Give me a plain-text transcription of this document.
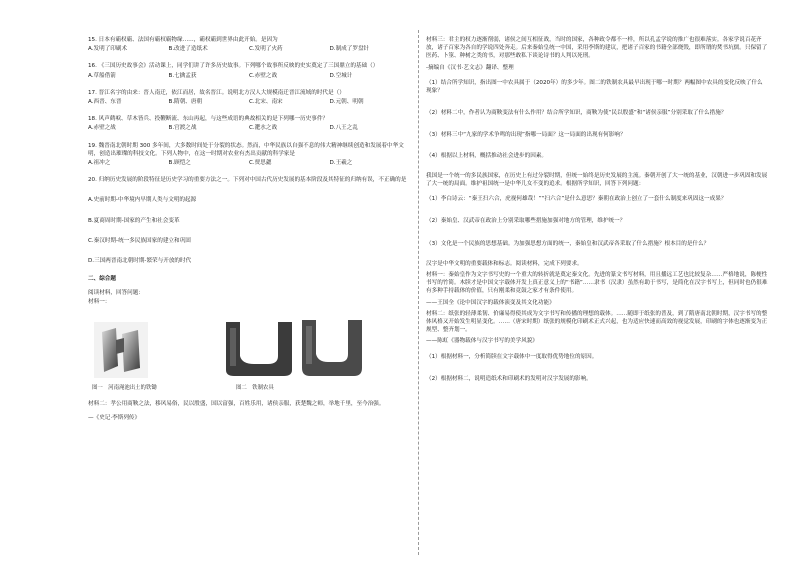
15. 日本有霸权霸、法国有霸权霸物缘……，霸权霸到世界由此开始。是因为

A.发明了印刷术	B.改进了造纸术	C.发明了火药	D.制成了罗盘针

16. 《三国历史故事会》活动课上，同学们讲了许多历史故事。下列哪个故事所反映的史实奠定了三国鼎立的基础（）

A.草船借箭	B.七擒孟获	C.赤壁之战	D.空城计

17. 晋江名字的由来：晋人南迁，依江而居，故名晋江。说明北方汉人大规模南迁晋江流域的时代是（）

A.西晋、东晋	B.隋朝、唐朝	C.北宋、南宋	D.元朝、明朝

18. 风声鹤唳、草木皆兵、投鞭断流、东山再起，与这些成语的典故相关的是下列哪一历史事件？

A.赤壁之战	B.官渡之战	C.淝水之战	D.八王之乱

19. 魏晋南北朝时期 300 多年间，大多数时间处于分裂的状态。然而，中华民族以自强不息的伟大精神继续创造和发展着中华文明，创造出璀璨的科技文化。下列人物中，在这一时期对农业有杰出贡献的科学家是

A.祖冲之	B.顾恺之	C.贾思勰	D.王羲之

20. 归纳历史发展的阶段特征是历史学习的重要方法之一。下列对中国古代历史发展的基本阶段及其特征的归纳有误，不正确的是

A.史前时期-中华境内早期人类与文明的起源

B.夏商周时期-国家的产生和社会变革

C.秦汉时期-统一多民族国家的建立和巩固

D.三国两晋南北朝时期-繁荣与开放的时代

二、综合题

阅读材料，回答问题：

材料一：

图一　河南渑池出土的铁锄	图二　铁制农具

材料二：孝公用商鞅之法，移风易俗，民以殷盛，国以富强，百姓乐用，诸侯亲服，获楚魏之师，举地千里，至今治强。

—《史记·李斯列传》

材料三：君主的权力逐渐削弱，诸侯之间互相征战，当时的国家，各种政令都不一样，所以孔孟学说的推广也很难落实。各家学说百花齐放，诸子百家为各自的学说四处奔走。后来秦始皇统一中国，采用李斯的建议，把诸子百家的书籍全部烧毁，即所谓的焚书坑儒。只保留了医药、卜筮、种树之类的书，对那些敢私下谈论诗书的人判以死刑。

-摘编自《汉书·艺文志》翻译、整理

（1）结合所学知识，指出图一中农具属于（2020年）的多少年。图二的铁制农具最早出现于哪一时期？两幅图中农具的变化反映了什么现象？

（2）材料二中，作者认为商鞅变法有什么作用？结合所学知识，商鞅为使“民以殷盛”和“诸侯亲服”分别采取了什么措施？

（3）材料三中“九家的学术争鸣的出现”指哪一局面？这一局面的出现有何影响？

（4）根据以上材料，概括推动社会进步的因素。

我国是一个统一的多民族国家，在历史上有过分裂时期，但统一始终是历史发展的主流。秦朝开创了大一统的基业，汉朝进一步巩固和发展了大一统的局面。维护祖国统一是中华儿女不变的追求。根据所学知识，回答下列问题：

（1）李白诗云：“秦王扫六合，虎视何雄哉！”“扫六合”是什么意思？秦朝在政治上创立了一套什么制度来巩固这一成果？

（2）秦始皇、汉武帝在政治上分别采取哪些措施加强对地方的管理，维护统一？

（3）文化是一个民族的思想基础。为加强思想方面的统一，秦始皇和汉武帝各采取了什么措施？根本目的是什么？

汉字是中华文明的重要载体和标志。阅读材料，完成下列要求。

材料一：秦始皇作为文字书写史的一个重大的转折就是奠定秦文化。先进的篆文书写材料，用且播远工艺也比较复杂……严格地说，陈梗性书写的竹简。木牍才是中国文字载体开发上真正意义上的“书籍”……隶书（汉隶）虽然有助于书写，是简化在汉字书写上，但同时也仍很难有多种手持载体的价值，只有刚柔和竟鼓之家才有条件使用。

——王国全《论中国汉字的载体演变及其文化功能》

材料二：纸张的轻薄柔韧、价廉易得使其成为文字书写和传播的理想的载体。……随即于纸张的普及，到了隋唐南北朝时期，汉字书写的整体风格又开始发生明显变化。……（唐宋时期）纸张的规模化印刷术正式兴起，也为适应快速而高效的视觉发展，印刷的字体也逐渐变为正规型、整齐划一。

——陈虹《器物载体与汉字书写的美学风貌》

（1）根据材料一，分析简牍在文字载体中一度取得优势地位的原因。

（2）根据材料二，说明造纸术和印刷术的发明对汉字发展的影响。
